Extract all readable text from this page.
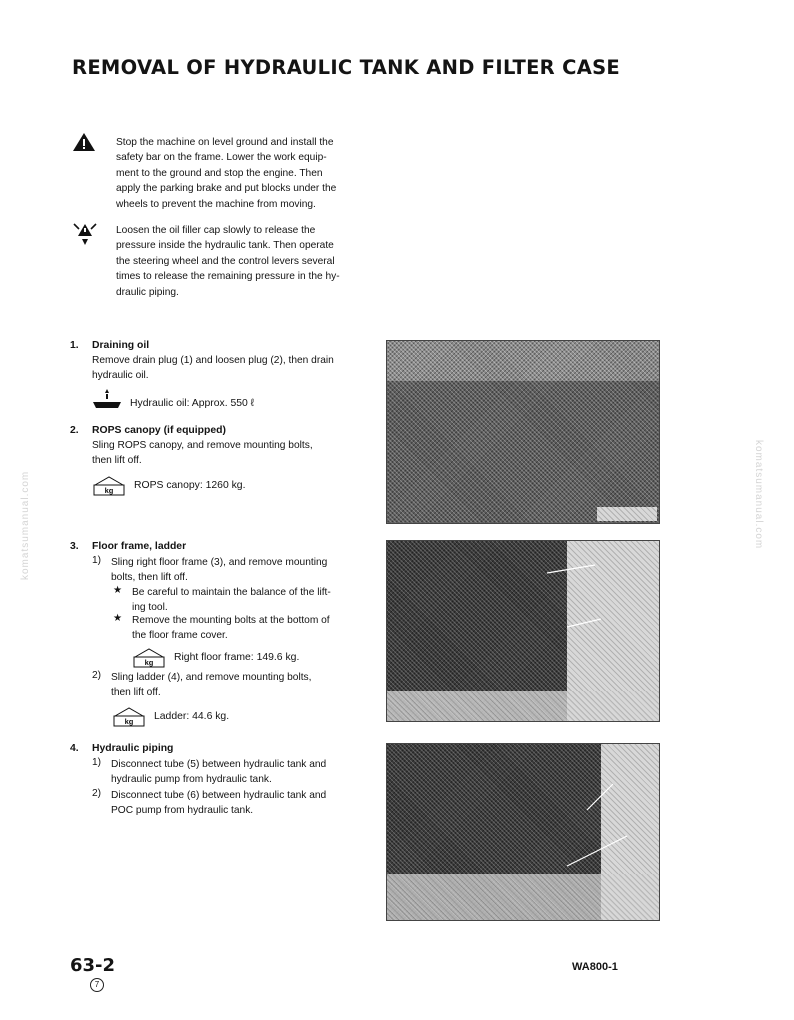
REMOVAL OF HYDRAULIC TANK AND FILTER CASE
Stop the machine on level ground and install the
safety bar on the frame. Lower the work equip-
ment to the ground and stop the engine. Then
apply the parking brake and put blocks under the
wheels to prevent the machine from moving.
Loosen the oil filler cap slowly to release the
pressure inside the hydraulic tank. Then operate
the steering wheel and the control levers several
times to release the remaining pressure in the hy-
draulic piping.
1. Draining oil
Remove drain plug (1) and loosen plug (2), then drain
hydraulic oil.
Hydraulic oil: Approx. 550 ℓ
2. ROPS canopy (if equipped)
Sling ROPS canopy, and remove mounting bolts,
then lift off.
kg ROPS canopy: 1260 kg.
3. Floor frame, ladder
1) Sling right floor frame (3), and remove mounting
bolts, then lift off.
★ Be careful to maintain the balance of the lift-
ing tool.
★ Remove the mounting bolts at the bottom of
the floor frame cover.
kg Right floor frame: 149.6 kg.
2) Sling ladder (4), and remove mounting bolts,
then lift off.
kg Ladder: 44.6 kg.
4. Hydraulic piping
1) Disconnect tube (5) between hydraulic tank and
hydraulic pump from hydraulic tank.
2) Disconnect tube (6) between hydraulic tank and
POC pump from hydraulic tank.
63-2
7
WA800-1
komatsumanual.com	komatsumanual.com
